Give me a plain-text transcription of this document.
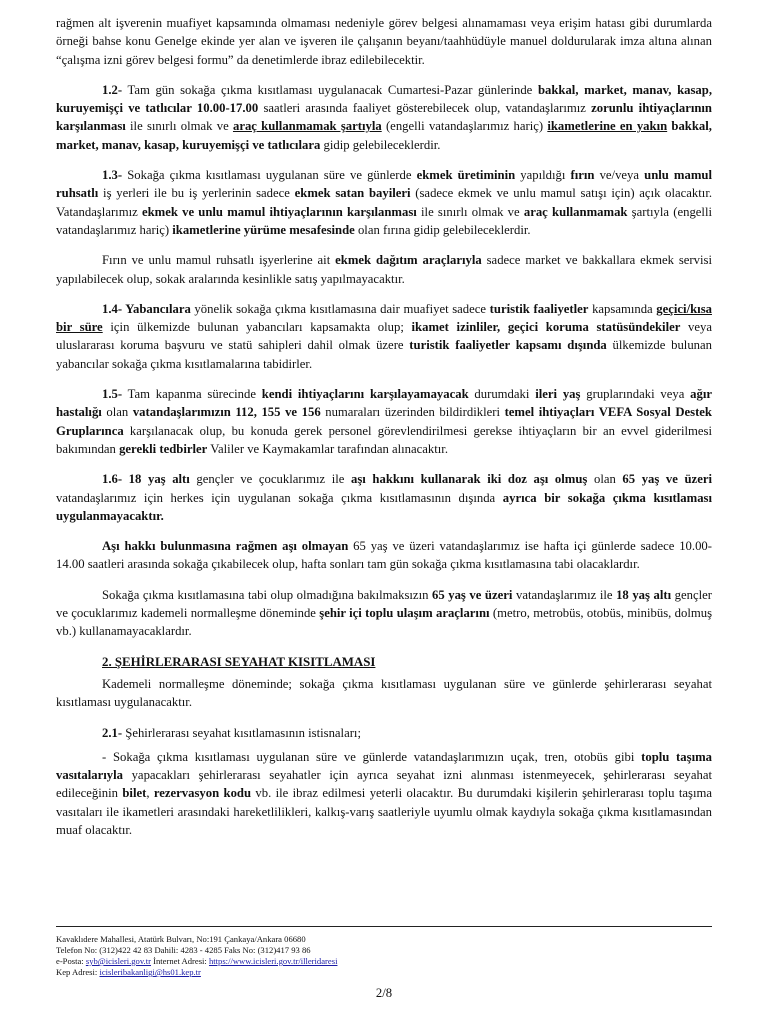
rağmen alt işverenin muafiyet kapsamında olmaması nedeniyle görev belgesi alınamaması veya erişim hatası gibi durumlarda örneği bahse konu Genelge ekinde yer alan ve işveren ile çalışanın beyanı/taahhüdüyle manuel doldurularak imza altına alınan “çalışma izni görev belgesi formu” da denetimlerde ibraz edilebilecektir.

1.2- Tam gün sokağa çıkma kısıtlaması uygulanacak Cumartesi-Pazar günlerinde bakkal, market, manav, kasap, kuruyemişçi ve tatlıcılar 10.00-17.00 saatleri arasında faaliyet gösterebilecek olup, vatandaşlarımız zorunlu ihtiyaçlarının karşılanması ile sınırlı olmak ve araç kullanmamak şartıyla (engelli vatandaşlarımız hariç) ikametlerine en yakın bakkal, market, manav, kasap, kuruyemişçi ve tatlıcılara gidip gelebileceklerdir.

1.3- Sokağa çıkma kısıtlaması uygulanan süre ve günlerde ekmek üretiminin yapıldığı fırın ve/veya unlu mamul ruhsatlı iş yerleri ile bu iş yerlerinin sadece ekmek satan bayileri (sadece ekmek ve unlu mamul satışı için) açık olacaktır. Vatandaşlarımız ekmek ve unlu mamul ihtiyaçlarının karşılanması ile sınırlı olmak ve araç kullanmamak şartıyla (engelli vatandaşlarımız hariç) ikametlerine yürüme mesafesinde olan fırına gidip gelebileceklerdir.

Fırın ve unlu mamul ruhsatlı işyerlerine ait ekmek dağıtım araçlarıyla sadece market ve bakkallara ekmek servisi yapılabilecek olup, sokak aralarında kesinlikle satış yapılmayacaktır.

1.4- Yabancılara yönelik sokağa çıkma kısıtlamasına dair muafiyet sadece turistik faaliyetler kapsamında geçici/kısa bir süre için ülkemizde bulunan yabancıları kapsamakta olup; ikamet izinliler, geçici koruma statüsündekiler veya uluslararası koruma başvuru ve statü sahipleri dahil olmak üzere turistik faaliyetler kapsamı dışında ülkemizde bulunan yabancılar sokağa çıkma kısıtlamalarına tabidirler.

1.5- Tam kapanma sürecinde kendi ihtiyaçlarını karşılayamayacak durumdaki ileri yaş gruplarındaki veya ağır hastalığı olan vatandaşlarımızın 112, 155 ve 156 numaraları üzerinden bildirdikleri temel ihtiyaçları VEFA Sosyal Destek Gruplarınca karşılanacak olup, bu konuda gerek personel görevlendirilmesi gerekse ihtiyaçların bir an evvel giderilmesi bakımından gerekli tedbirler Valiler ve Kaymakamlar tarafından alınacaktır.

1.6- 18 yaş altı gençler ve çocuklarımız ile aşı hakkını kullanarak iki doz aşı olmuş olan 65 yaş ve üzeri vatandaşlarımız için herkes için uygulanan sokağa çıkma kısıtlamasının dışında ayrıca bir sokağa çıkma kısıtlaması uygulanmayacaktır.

Aşı hakkı bulunmasına rağmen aşı olmayan 65 yaş ve üzeri vatandaşlarımız ise hafta içi günlerde sadece 10.00-14.00 saatleri arasında sokağa çıkabilecek olup, hafta sonları tam gün sokağa çıkma kısıtlamasına tabi olacaklardır.

Sokağa çıkma kısıtlamasına tabi olup olmadığına bakılmaksızın 65 yaş ve üzeri vatandaşlarımız ile 18 yaş altı gençler ve çocuklarımız kademeli normalleşme döneminde şehir içi toplu ulaşım araçlarını (metro, metrobüs, otobüs, minibüs, dolmuş vb.) kullanamayacaklardır.

2. ŞEHİRLERARASI SEYAHAT KISITLAMASI

Kademeli normalleşme döneminde; sokağa çıkma kısıtlaması uygulanan süre ve günlerde şehirlerarası seyahat kısıtlaması uygulanacaktır.

2.1- Şehirlerarası seyahat kısıtlamasının istisnaları;

- Sokağa çıkma kısıtlaması uygulanan süre ve günlerde vatandaşlarımızın uçak, tren, otobüs gibi toplu taşıma vasıtalarıyla yapacakları şehirlerarası seyahatler için ayrıca seyahat izni alınması istenmeyecek, şehirlerarası seyahat edileceğinin bilet, rezervasyon kodu vb. ile ibraz edilmesi yeterli olacaktır. Bu durumdaki kişilerin şehirlerarası toplu taşıma vasıtaları ile ikametleri arasındaki hareketlilikleri, kalkış-varış saatleriyle uyumlu olmak kaydıyla sokağa çıkma kısıtlamasından muaf olacaktır.

Kavaklıdere Mahallesi, Atatürk Bulvarı, No:191 Çankaya/Ankara 06680
Telefon No: (312)422 42 83 Dahili: 4283 - 4285 Faks No: (312)417 93 86
e-Posta: syb@icisleri.gov.tr İnternet Adresi: https://www.icisleri.gov.tr/illeridaresi
Kep Adresi: icisleribakanligi@hs01.kep.tr
2/8
